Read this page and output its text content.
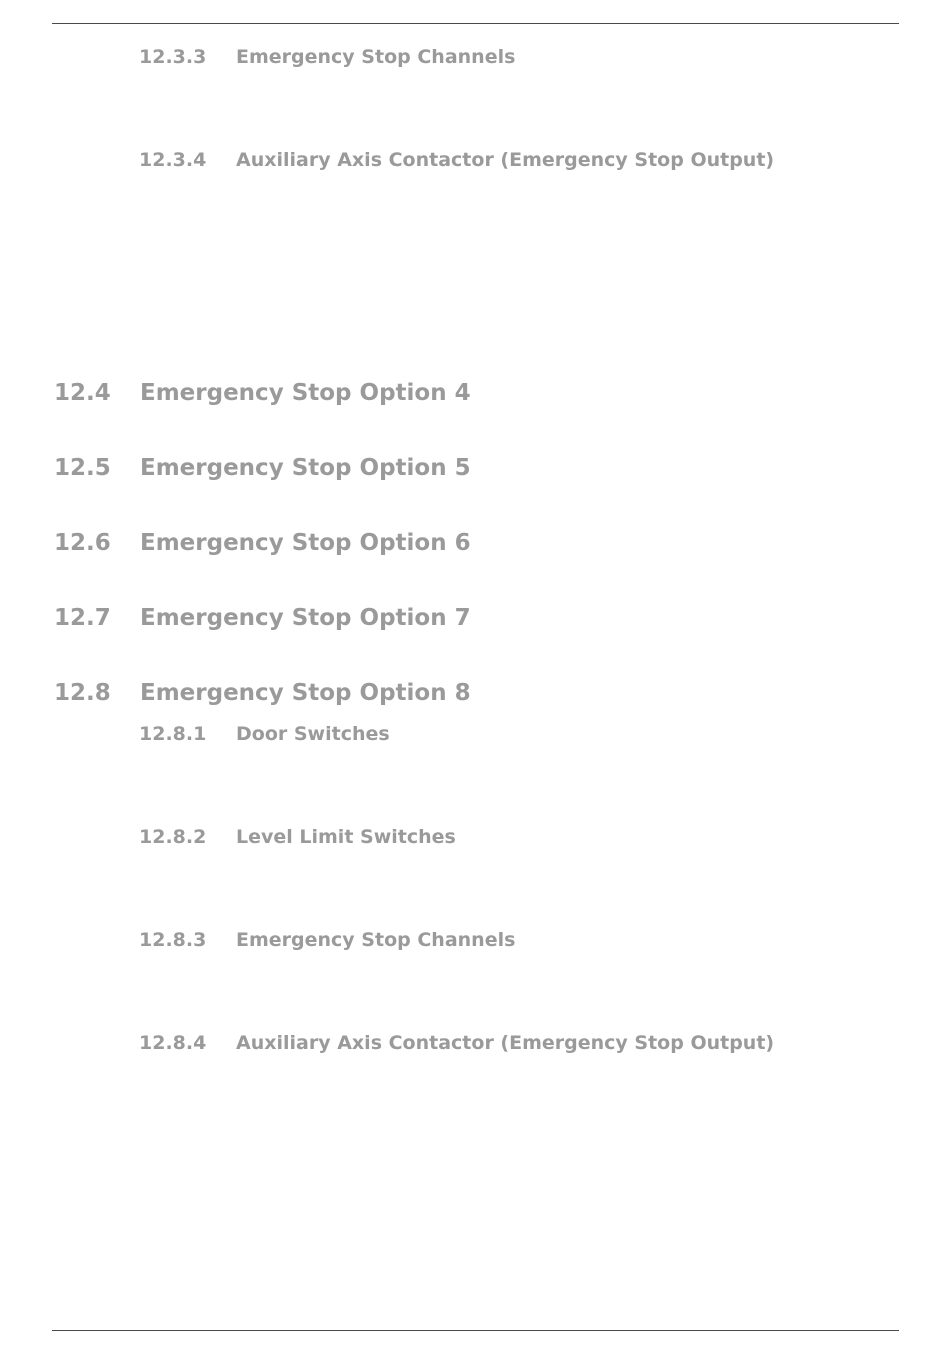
12.3.3 Emergency Stop Channels
12.3.4 Auxiliary Axis Contactor (Emergency Stop Output)
12.4 Emergency Stop Option 4
12.5 Emergency Stop Option 5
12.6 Emergency Stop Option 6
12.7 Emergency Stop Option 7
12.8 Emergency Stop Option 8
12.8.1 Door Switches
12.8.2 Level Limit Switches
12.8.3 Emergency Stop Channels
12.8.4 Auxiliary Axis Contactor (Emergency Stop Output)
